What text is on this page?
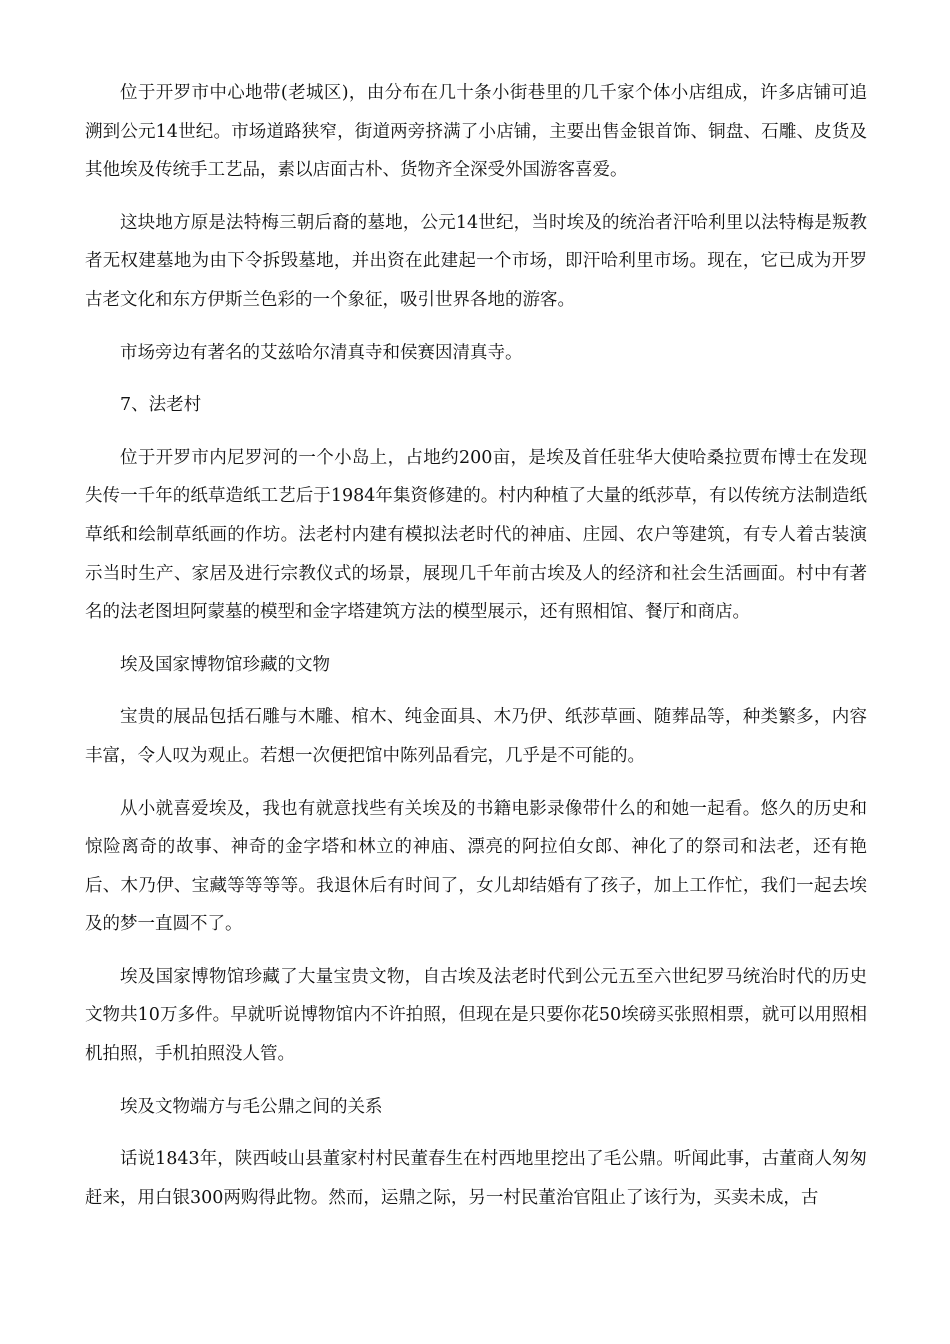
位于开罗市中心地带(老城区)，由分布在几十条小街巷里的几千家个体小店组成，许多店铺可追溯到公元14世纪。市场道路狭窄，街道两旁挤满了小店铺，主要出售金银首饰、铜盘、石雕、皮货及其他埃及传统手工艺品，素以店面古朴、货物齐全深受外国游客喜爱。

这块地方原是法特梅三朝后裔的墓地，公元14世纪，当时埃及的统治者汗哈利里以法特梅是叛教者无权建墓地为由下令拆毁墓地，并出资在此建起一个市场，即汗哈利里市场。现在，它已成为开罗古老文化和东方伊斯兰色彩的一个象征，吸引世界各地的游客。

市场旁边有著名的艾兹哈尔清真寺和侯赛因清真寺。

7、法老村

位于开罗市内尼罗河的一个小岛上，占地约200亩，是埃及首任驻华大使哈桑拉贾布博士在发现失传一千年的纸草造纸工艺后于1984年集资修建的。村内种植了大量的纸莎草，有以传统方法制造纸草纸和绘制草纸画的作坊。法老村内建有模拟法老时代的神庙、庄园、农户等建筑，有专人着古装演示当时生产、家居及进行宗教仪式的场景，展现几千年前古埃及人的经济和社会生活画面。村中有著名的法老图坦阿蒙墓的模型和金字塔建筑方法的模型展示，还有照相馆、餐厅和商店。

埃及国家博物馆珍藏的文物

宝贵的展品包括石雕与木雕、棺木、纯金面具、木乃伊、纸莎草画、随葬品等，种类繁多，内容丰富，令人叹为观止。若想一次便把馆中陈列品看完，几乎是不可能的。

从小就喜爱埃及，我也有就意找些有关埃及的书籍电影录像带什么的和她一起看。悠久的历史和惊险离奇的故事、神奇的金字塔和林立的神庙、漂亮的阿拉伯女郎、神化了的祭司和法老，还有艳后、木乃伊、宝藏等等等等。我退休后有时间了，女儿却结婚有了孩子，加上工作忙，我们一起去埃及的梦一直圆不了。

埃及国家博物馆珍藏了大量宝贵文物，自古埃及法老时代到公元五至六世纪罗马统治时代的历史文物共10万多件。早就听说博物馆内不许拍照，但现在是只要你花50埃磅买张照相票，就可以用照相机拍照，手机拍照没人管。

埃及文物端方与毛公鼎之间的关系

话说1843年，陕西岐山县董家村村民董春生在村西地里挖出了毛公鼎。听闻此事，古董商人匆匆赶来，用白银300两购得此物。然而，运鼎之际，另一村民董治官阻止了该行为，买卖未成，古
